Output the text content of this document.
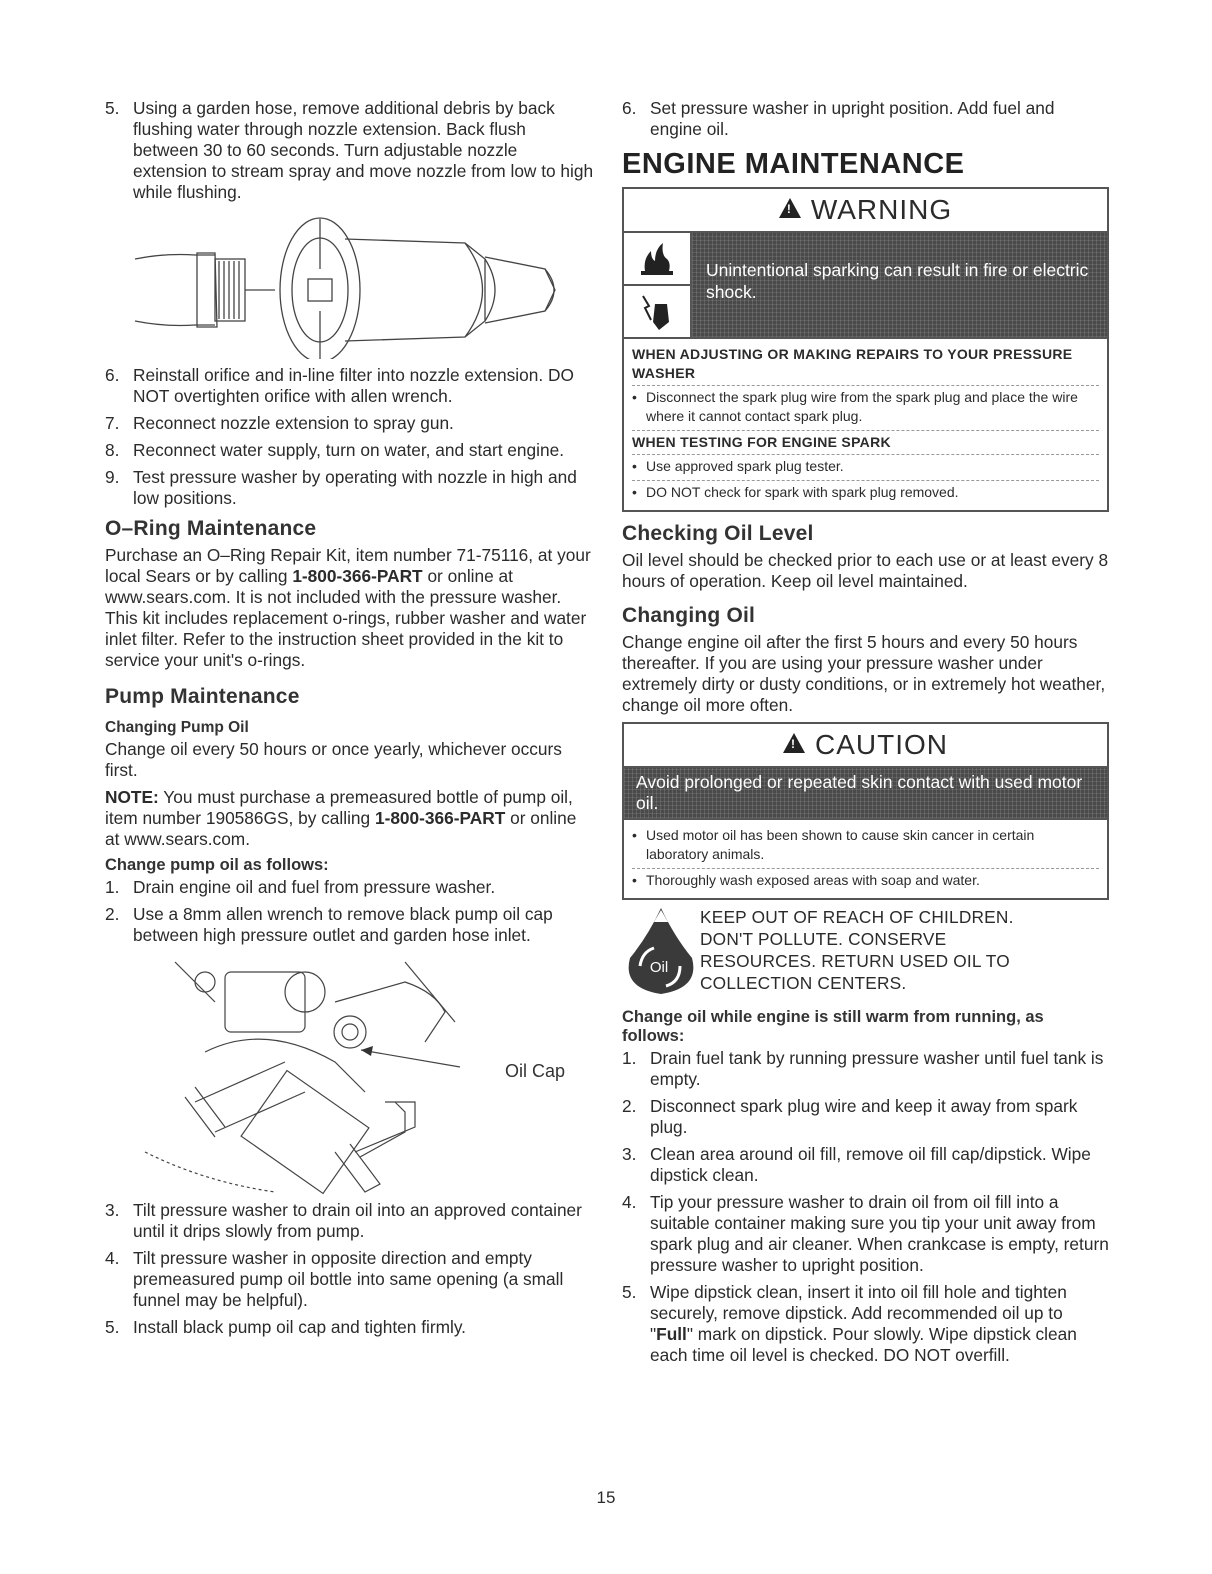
5. Using a garden hose, remove additional debris by back flushing water through nozzle extension. Back flush between 30 to 60 seconds. Turn adjustable nozzle extension to stream spray and move nozzle from low to high while flushing.
6. Reinstall orifice and in-line filter into nozzle extension. DO NOT overtighten orifice with allen wrench.
7. Reconnect nozzle extension to spray gun.
8. Reconnect water supply, turn on water, and start engine.
9. Test pressure washer by operating with nozzle in high and low positions.
O–Ring Maintenance

Purchase an O–Ring Repair Kit, item number 71-75116, at your local Sears or by calling 1-800-366-PART or online at www.sears.com. It is not included with the pressure washer. This kit includes replacement o-rings, rubber washer and water inlet filter. Refer to the instruction sheet provided in the kit to service your unit's o-rings.

Pump Maintenance
Changing Pump Oil

Change oil every 50 hours or once yearly, whichever occurs first.

NOTE: You must purchase a premeasured bottle of pump oil, item number 190586GS, by calling 1-800-366-PART or online at www.sears.com.

Change pump oil as follows:
1. Drain engine oil and fuel from pressure washer.
2. Use a 8mm allen wrench to remove black pump oil cap between high pressure outlet and garden hose inlet.
Oil Cap
3. Tilt pressure washer to drain oil into an approved container until it drips slowly from pump.
4. Tilt pressure washer in opposite direction and empty premeasured pump oil bottle into same opening (a small funnel may be helpful).
5. Install black pump oil cap and tighten firmly.
6. Set pressure washer in upright position. Add fuel and engine oil.
ENGINE MAINTENANCE
! WARNING
Unintentional sparking can result in fire or electric shock.
WHEN ADJUSTING OR MAKING REPAIRS TO YOUR PRESSURE WASHER
• Disconnect the spark plug wire from the spark plug and place the wire where it cannot contact spark plug.
WHEN TESTING FOR ENGINE SPARK
• Use approved spark plug tester.
• DO NOT check for spark with spark plug removed.
Checking Oil Level

Oil level should be checked prior to each use or at least every 8 hours of operation. Keep oil level maintained.

Changing Oil

Change engine oil after the first 5 hours and every 50 hours thereafter. If you are using your pressure washer under extremely dirty or dusty conditions, or in extremely hot weather, change oil more often.

! CAUTION
Avoid prolonged or repeated skin contact with used motor oil.
• Used motor oil has been shown to cause skin cancer in certain laboratory animals.
• Thoroughly wash exposed areas with soap and water.
Oil
KEEP OUT OF REACH OF CHILDREN. DON'T POLLUTE. CONSERVE RESOURCES. RETURN USED OIL TO COLLECTION CENTERS.
Change oil while engine is still warm from running, as follows:
1. Drain fuel tank by running pressure washer until fuel tank is empty.
2. Disconnect spark plug wire and keep it away from spark plug.
3. Clean area around oil fill, remove oil fill cap/dipstick. Wipe dipstick clean.
4. Tip your pressure washer to drain oil from oil fill into a suitable container making sure you tip your unit away from spark plug and air cleaner. When crankcase is empty, return pressure washer to upright position.
5. Wipe dipstick clean, insert it into oil fill hole and tighten securely, remove dipstick. Add recommended oil up to "Full" mark on dipstick. Pour slowly. Wipe dipstick clean each time oil level is checked. DO NOT overfill.
15
